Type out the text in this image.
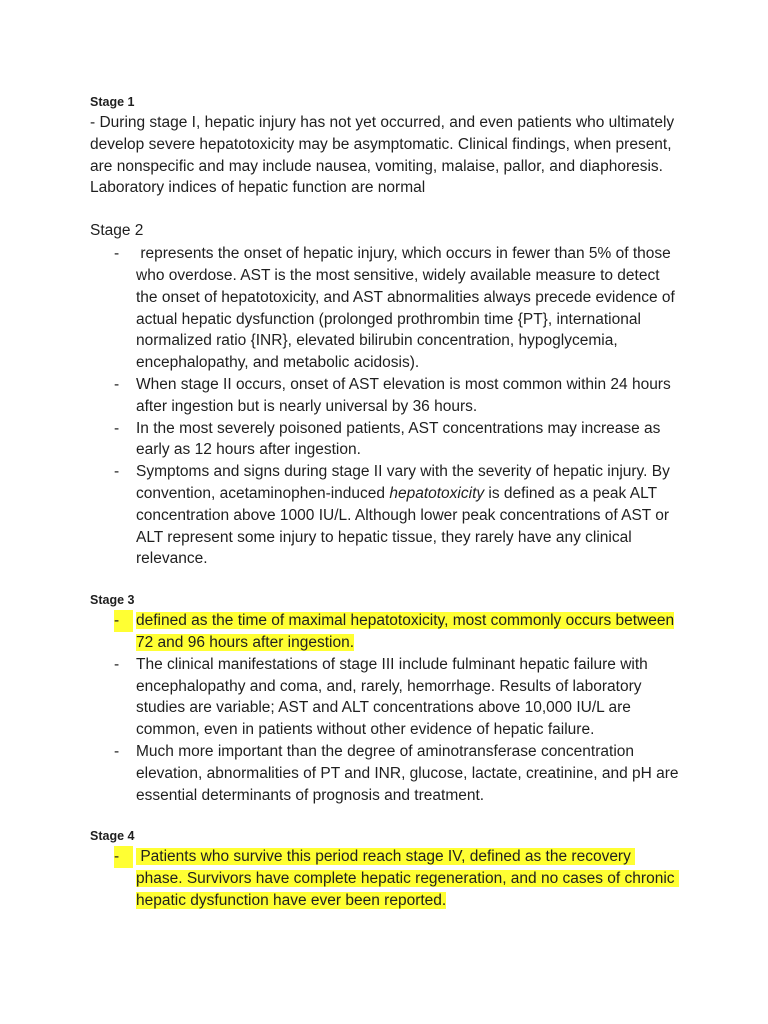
Stage 1

- During stage I, hepatic injury has not yet occurred, and even patients who ultimately develop severe hepatotoxicity may be asymptomatic. Clinical findings, when present, are nonspecific and may include nausea, vomiting, malaise, pallor, and diaphoresis. Laboratory indices of hepatic function are normal

Stage 2
- represents the onset of hepatic injury, which occurs in fewer than 5% of those who overdose. AST is the most sensitive, widely available measure to detect the onset of hepatotoxicity, and AST abnormalities always precede evidence of actual hepatic dysfunction (prolonged prothrombin time {PT}, international normalized ratio {INR}, elevated bilirubin concentration, hypoglycemia, encephalopathy, and metabolic acidosis).
- When stage II occurs, onset of AST elevation is most common within 24 hours after ingestion but is nearly universal by 36 hours.
- In the most severely poisoned patients, AST concentrations may increase as early as 12 hours after ingestion.
- Symptoms and signs during stage II vary with the severity of hepatic injury. By convention, acetaminophen-induced hepatotoxicity is defined as a peak ALT concentration above 1000 IU/L. Although lower peak concentrations of AST or ALT represent some injury to hepatic tissue, they rarely have any clinical relevance.
Stage 3
-	defined as the time of maximal hepatotoxicity, most commonly occurs between 72 and 96 hours after ingestion.
- The clinical manifestations of stage III include fulminant hepatic failure with encephalopathy and coma, and, rarely, hemorrhage. Results of laboratory studies are variable; AST and ALT concentrations above 10,000 IU/L are common, even in patients without other evidence of hepatic failure.
- Much more important than the degree of aminotransferase concentration elevation, abnormalities of PT and INR, glucose, lactate, creatinine, and pH are essential determinants of prognosis and treatment.
Stage 4
-	Patients who survive this period reach stage IV, defined as the recovery phase. Survivors have complete hepatic regeneration, and no cases of chronic hepatic dysfunction have ever been reported.
